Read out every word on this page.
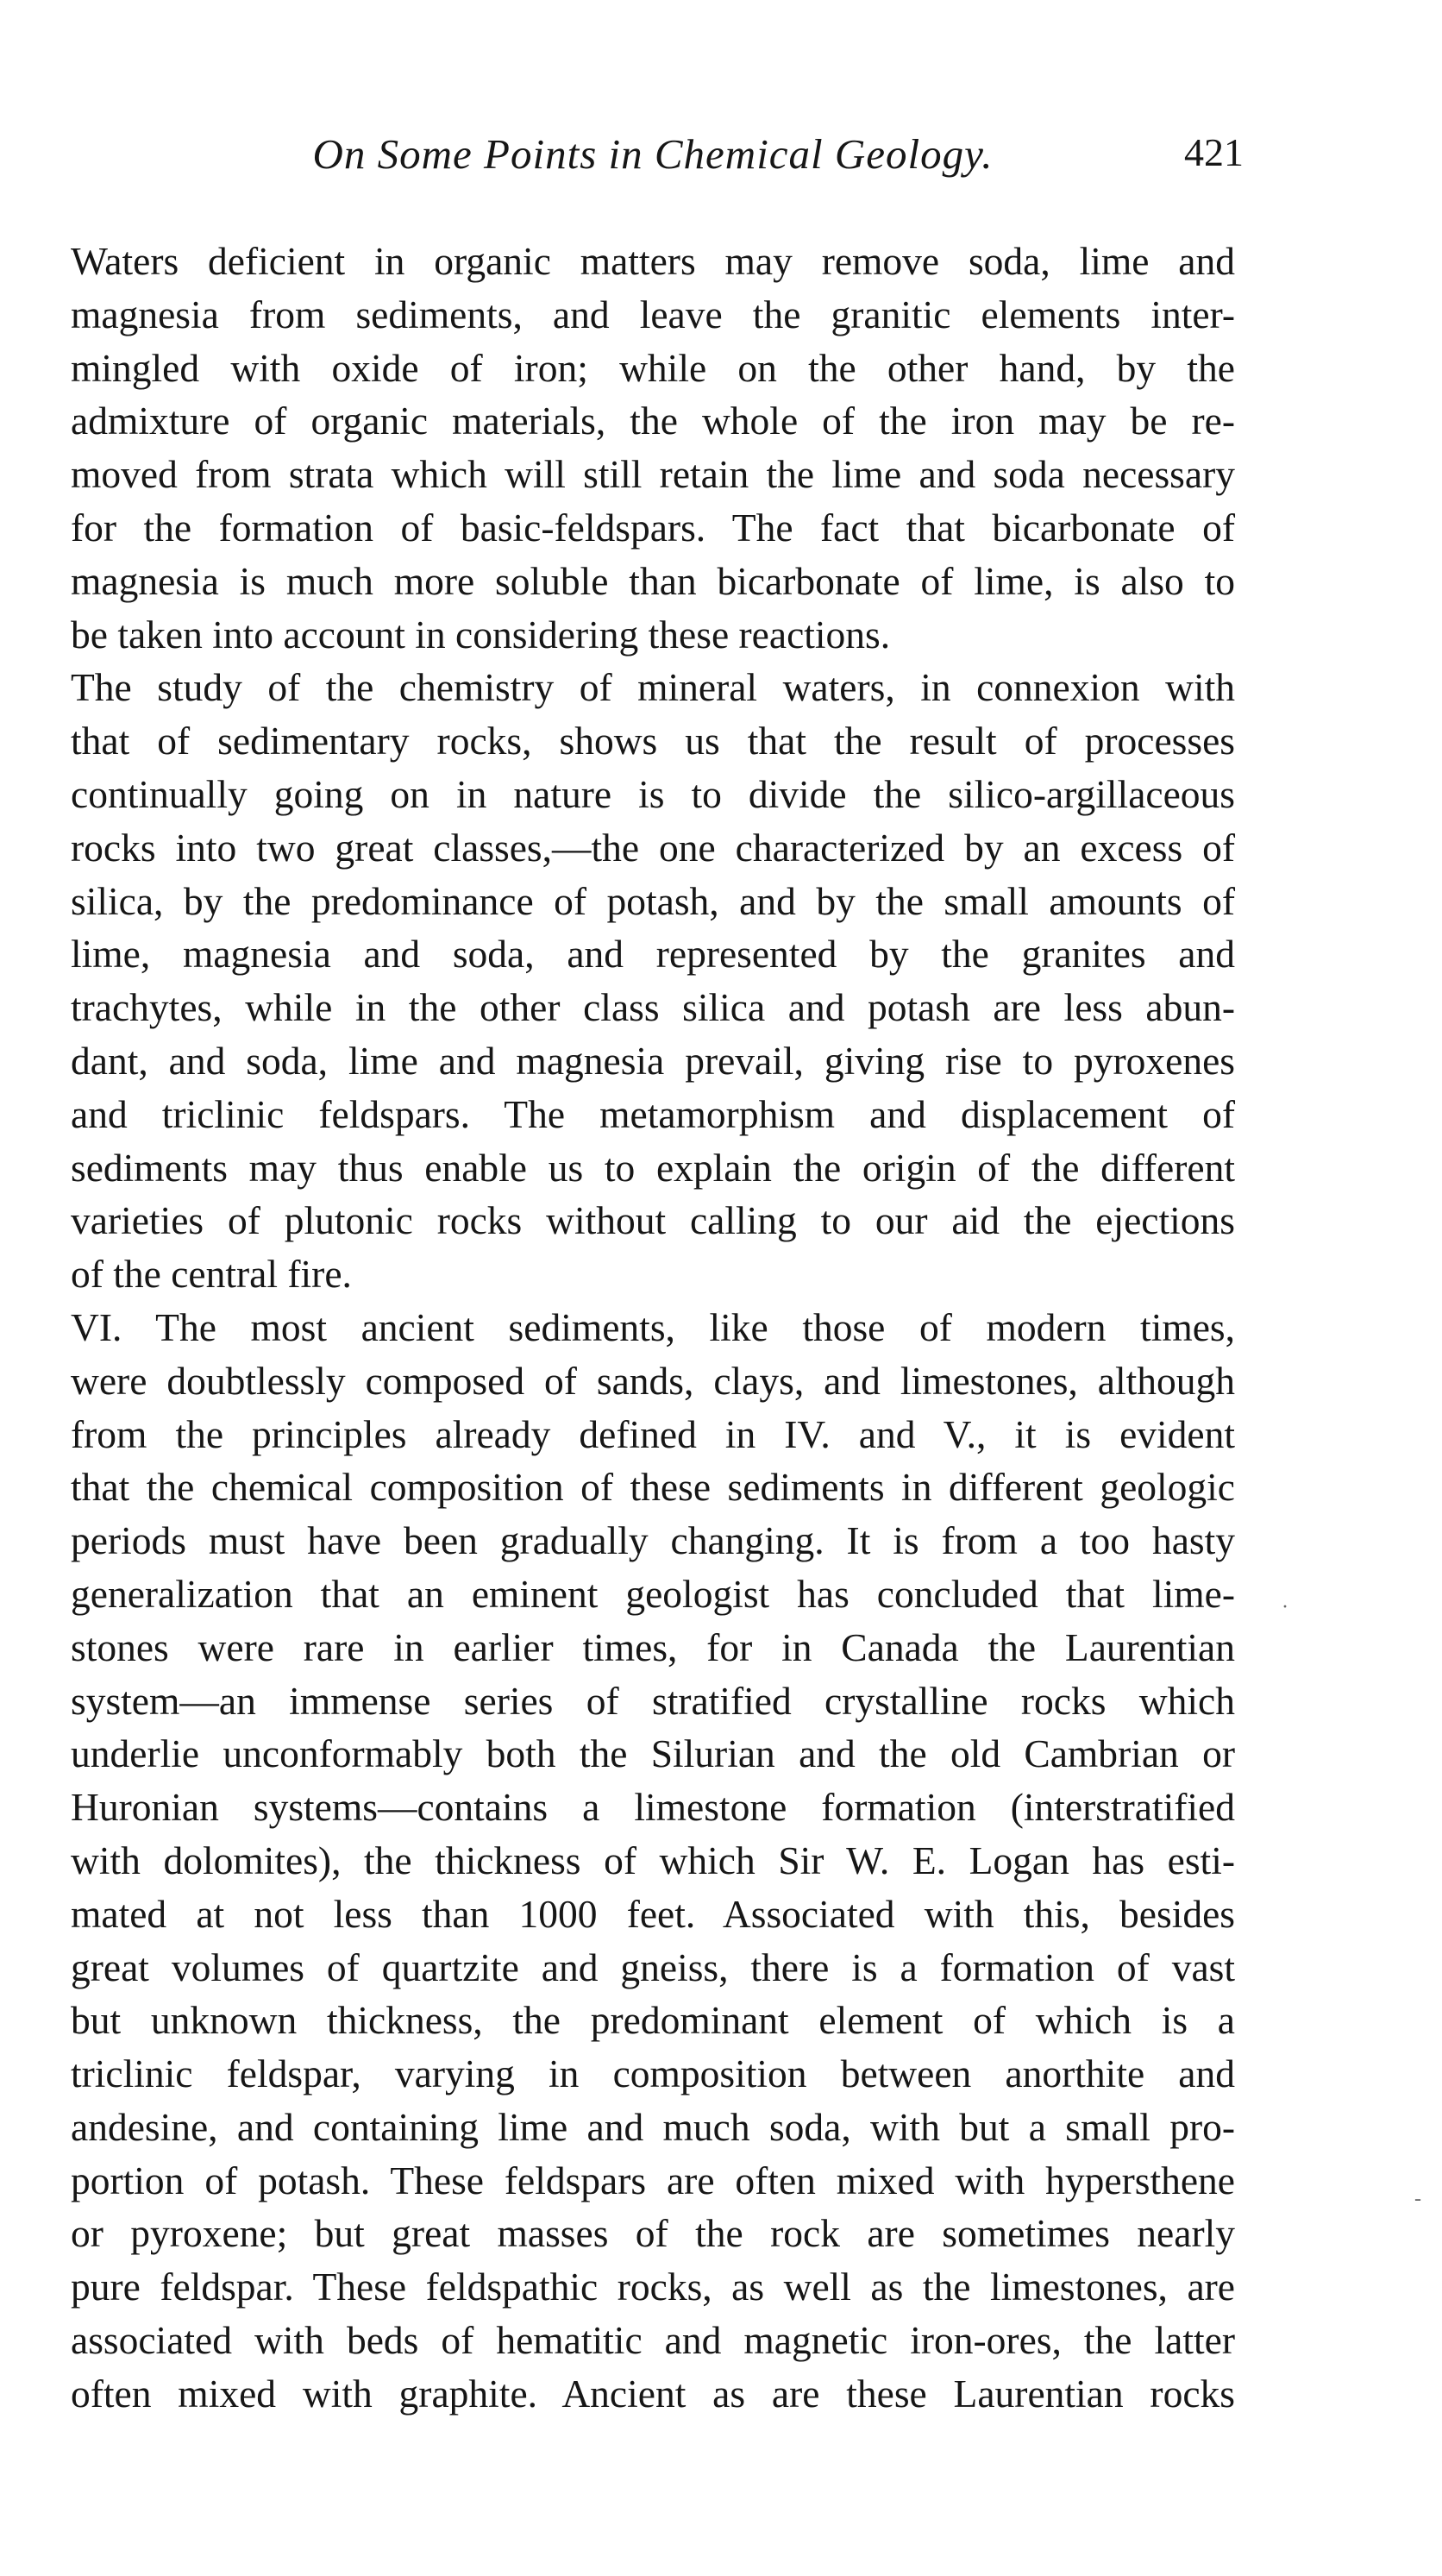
On Some Points in Chemical Geology.	421
Waters deficient in organic matters may remove soda, lime and
magnesia from sediments, and leave the granitic elements inter-
mingled with oxide of iron; while on the other hand, by the
admixture of organic materials, the whole of the iron may be re-
moved from strata which will still retain the lime and soda necessary
for the formation of basic-feldspars. The fact that bicarbonate of
magnesia is much more soluble than bicarbonate of lime, is also to
be taken into account in considering these reactions.
The study of the chemistry of mineral waters, in connexion with
that of sedimentary rocks, shows us that the result of processes
continually going on in nature is to divide the silico-argillaceous
rocks into two great classes,—the one characterized by an excess of
silica, by the predominance of potash, and by the small amounts of
lime, magnesia and soda, and represented by the granites and
trachytes, while in the other class silica and potash are less abun-
dant, and soda, lime and magnesia prevail, giving rise to pyroxenes
and triclinic feldspars. The metamorphism and displacement of
sediments may thus enable us to explain the origin of the different
varieties of plutonic rocks without calling to our aid the ejections
of the central fire.
VI. The most ancient sediments, like those of modern times,
were doubtlessly composed of sands, clays, and limestones, although
from the principles already defined in IV. and V., it is evident
that the chemical composition of these sediments in different geologic
periods must have been gradually changing. It is from a too hasty
generalization that an eminent geologist has concluded that lime-
stones were rare in earlier times, for in Canada the Laurentian
system—an immense series of stratified crystalline rocks which
underlie unconformably both the Silurian and the old Cambrian or
Huronian systems—contains a limestone formation (interstratified
with dolomites), the thickness of which Sir W. E. Logan has esti-
mated at not less than 1000 feet. Associated with this, besides
great volumes of quartzite and gneiss, there is a formation of vast
but unknown thickness, the predominant element of which is a
triclinic feldspar, varying in composition between anorthite and
andesine, and containing lime and much soda, with but a small pro-
portion of potash. These feldspars are often mixed with hypersthene
or pyroxene; but great masses of the rock are sometimes nearly
pure feldspar. These feldspathic rocks, as well as the limestones, are
associated with beds of hematitic and magnetic iron-ores, the latter
often mixed with graphite. Ancient as are these Laurentian rocks
·
-
